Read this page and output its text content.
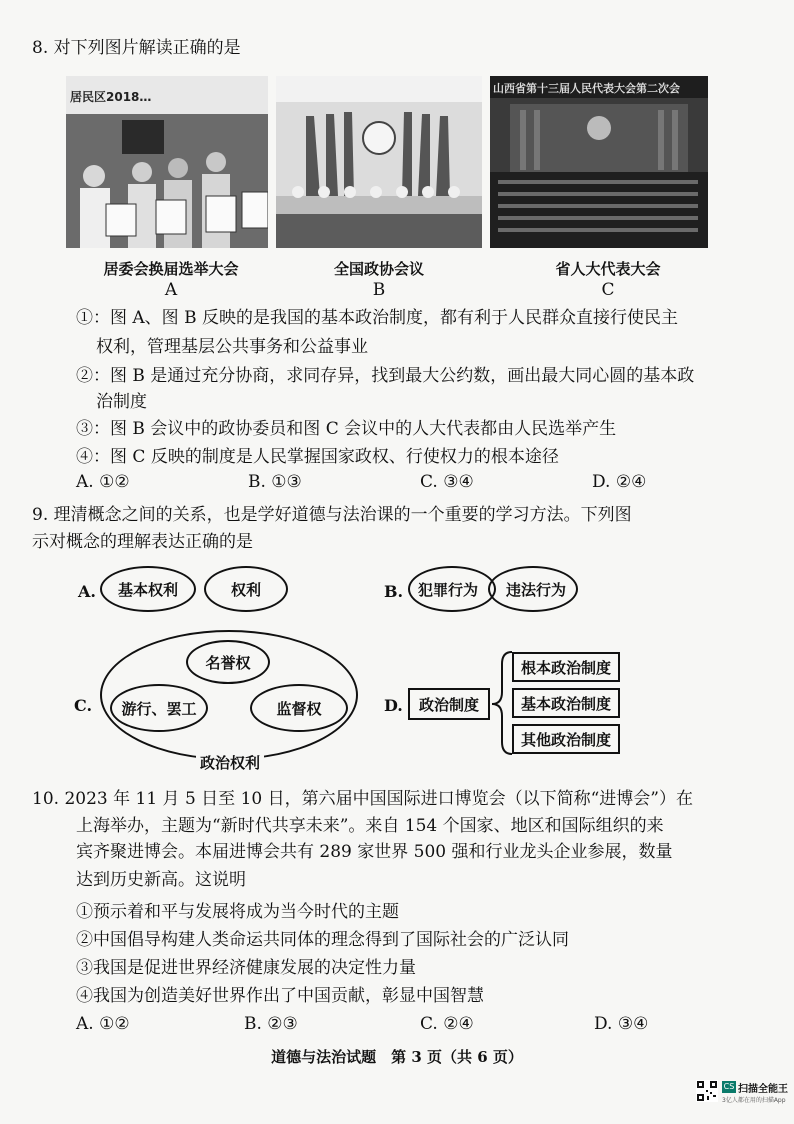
8. 对下列图片解读正确的是
居民区2018…
居委会换届选举大会
A
全国政协会议
B
山西省第十三届人民代表大会第二次会
省人大代表大会
C
①：图 A、图 B 反映的是我国的基本政治制度，都有利于人民群众直接行使民主
权利，管理基层公共事务和公益事业
②：图 B 是通过充分协商，求同存异，找到最大公约数，画出最大同心圆的基本政
治制度
③：图 B 会议中的政协委员和图 C 会议中的人大代表都由人民选举产生
④：图 C 反映的制度是人民掌握国家政权、行使权力的根本途径
A. ①②	B. ①③	C. ③④	D. ②④
9. 理清概念之间的关系，也是学好道德与法治课的一个重要的学习方法。下列图
示对概念的理解表达正确的是
A.	基本权利	权利	B. 犯罪行为	违法行为
C.
名誉权
游行、罢工	监督权
政治权利
D.	政治制度
根本政治制度
基本政治制度
其他政治制度
10. 2023 年 11 月 5 日至 10 日，第六届中国国际进口博览会（以下简称“进博会”）在
上海举办，主题为“新时代共享未来”。来自 154 个国家、地区和国际组织的来
宾齐聚进博会。本届进博会共有 289 家世界 500 强和行业龙头企业参展，数量
达到历史新高。这说明
①预示着和平与发展将成为当今时代的主题
②中国倡导构建人类命运共同体的理念得到了国际社会的广泛认同
③我国是促进世界经济健康发展的决定性力量
④我国为创造美好世界作出了中国贡献，彰显中国智慧
A. ①②	B. ②③	C. ②④	D. ③④
道德与法治试题　第 3 页（共 6 页）
CS 扫描全能王
3亿人都在用的扫描App
